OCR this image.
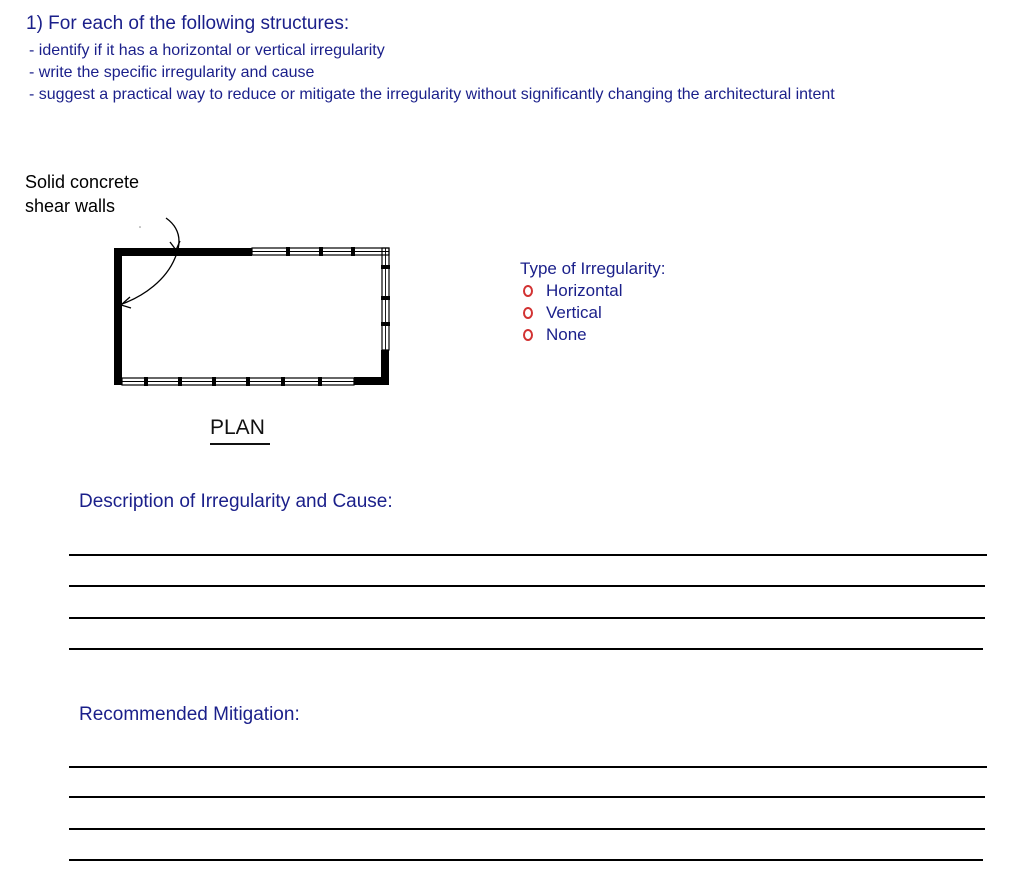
1) For each of the following structures:
- identify if it has a horizontal or vertical irregularity
- write the specific irregularity and cause
- suggest a practical way to reduce or mitigate the irregularity without significantly changing the architectural intent
Solid concrete
shear walls
PLAN
Type of Irregularity:
Horizontal
Vertical
None
Description of Irregularity and Cause:
Recommended Mitigation:
